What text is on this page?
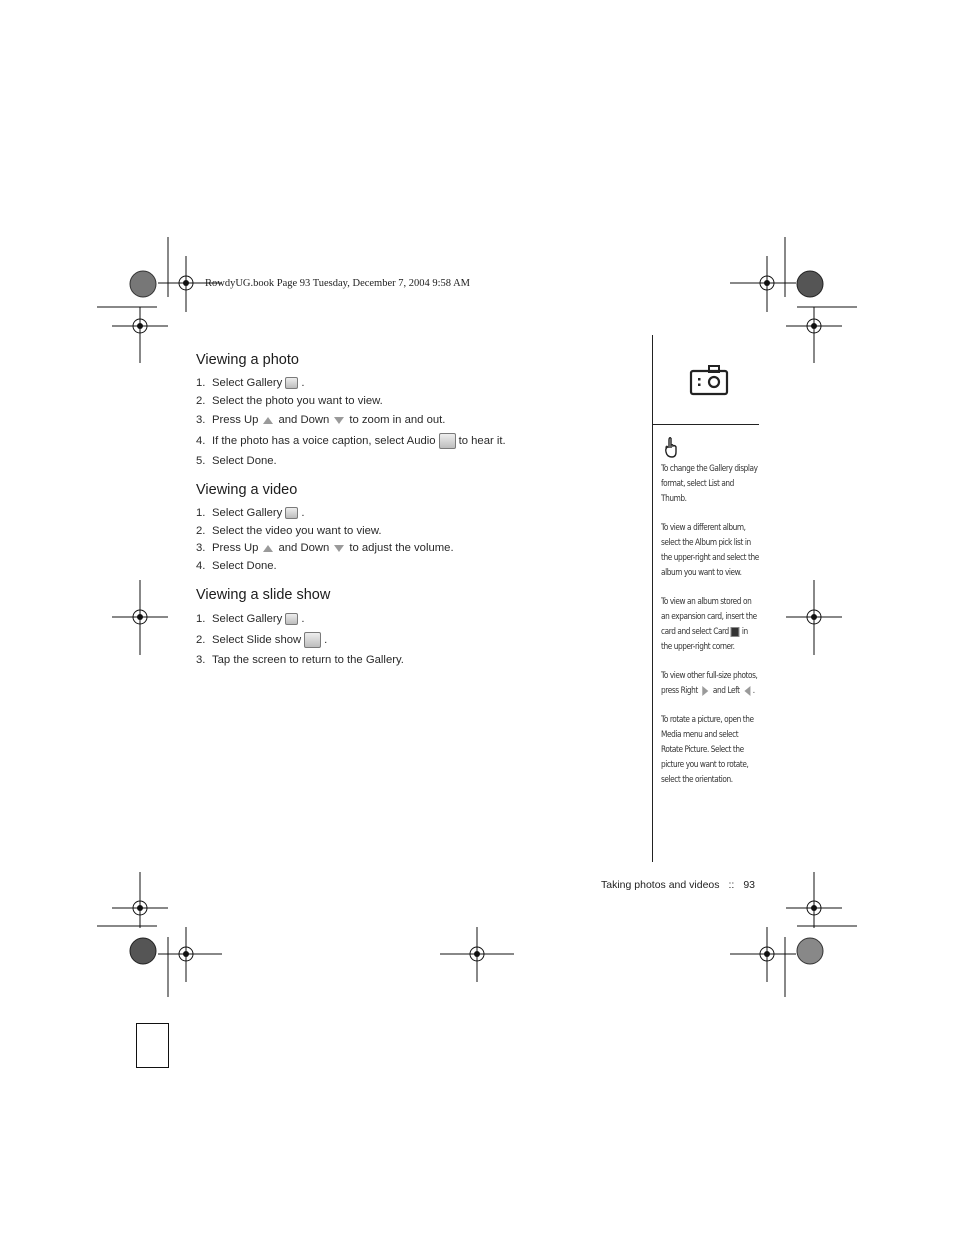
RowdyUG.book Page 93 Tuesday, December 7, 2004 9:58 AM
Viewing a photo
1. Select Gallery .
2. Select the photo you want to view.
3. Press Up and Down to zoom in and out.
4. If the photo has a voice caption, select Audio to hear it.
5. Select Done.
Viewing a video
1. Select Gallery .
2. Select the video you want to view.
3. Press Up and Down to adjust the volume.
4. Select Done.
Viewing a slide show
1. Select Gallery .
2. Select Slide show .
3. Tap the screen to return to the Gallery.

To change the Gallery display format, select List and Thumb.

To view a different album, select the Album pick list in the upper-right and select the album you want to view.

To view an album stored on an expansion card, insert the card and select Card in the upper-right corner.

To view other full-size photos, press Right and Left .

To rotate a picture, open the Media menu and select Rotate Picture. Select the picture you want to rotate, select the orientation.

Taking photos and videos :: 93
